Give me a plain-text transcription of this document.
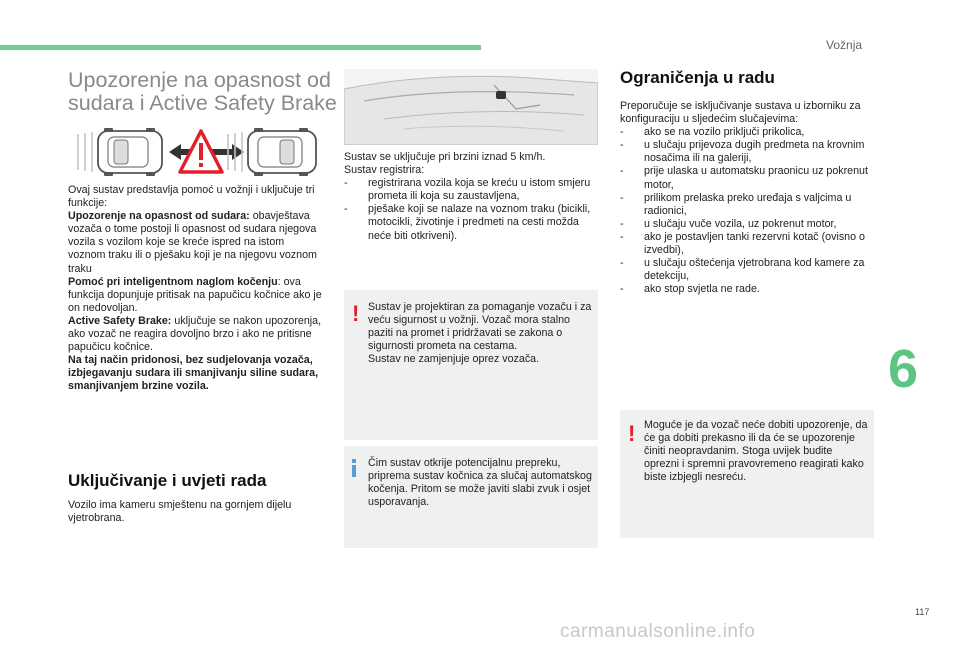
Vožnja
6
117
carmanualsonline.info
Upozorenje na opasnost od sudara i Active Safety Brake

Ovaj sustav predstavlja pomoć u vožnji i uključuje tri funkcije:

Upozorenje na opasnost od sudara: obavještava vozača o tome postoji li opasnost od sudara njegova vozila s vozilom koje se kreće ispred na istom voznom traku ili o pješaku koji je na njegovu voznom traku

Pomoć pri inteligentnom naglom kočenju: ova funkcija dopunjuje pritisak na papučicu kočnice ako je on nedovoljan.

Active Safety Brake: uključuje se nakon upozorenja, ako vozač ne reagira dovoljno brzo i ako ne pritisne papučicu kočnice.

Na taj način pridonosi, bez sudjelovanja vozača, izbjegavanju sudara ili smanjivanju siline sudara, smanjivanjem brzine vozila.

Uključivanje i uvjeti rada

Vozilo ima kameru smještenu na gornjem dijelu vjetrobrana.

Sustav se uključuje pri brzini iznad 5 km/h.

Sustav registrira:

- registrirana vozila koja se kreću u istom smjeru prometa ili koja su zaustavljena,
- pješake koji se nalaze na voznom traku (bicikli, motocikli, životinje i predmeti na cesti možda neće biti otkriveni).
! Sustav je projektiran za pomaganje vozaču i za veću sigurnost u vožnji. Vozač mora stalno paziti na promet i pridržavati se zakona o sigurnosti prometa na cestama.
Sustav ne zamjenjuje oprez vozača.

Čim sustav otkrije potencijalnu prepreku, priprema sustav kočnica za slučaj automatskog kočenja. Pritom se može javiti slabi zvuk i osjet usporavanja.

Ograničenja u radu

Preporučuje se isključivanje sustava u izborniku za konfiguraciju u sljedećim slučajevima:

- ako se na vozilo priključi prikolica,
- u slučaju prijevoza dugih predmeta na krovnim nosačima ili na galeriji,
- prije ulaska u automatsku praonicu uz pokrenut motor,
- prilikom prelaska preko uređaja s valjcima u radionici,
- u slučaju vuče vozila, uz pokrenut motor,
- ako je postavljen tanki rezervni kotač (ovisno o izvedbi),
- u slučaju oštećenja vjetrobrana kod kamere za detekciju,
- ako stop svjetla ne rade.
! Moguće je da vozač neće dobiti upozorenje, da će ga dobiti prekasno ili da će se upozorenje činiti neopravdanim. Stoga uvijek budite oprezni i spremni pravovremeno reagirati kako biste izbjegli nesreću.
